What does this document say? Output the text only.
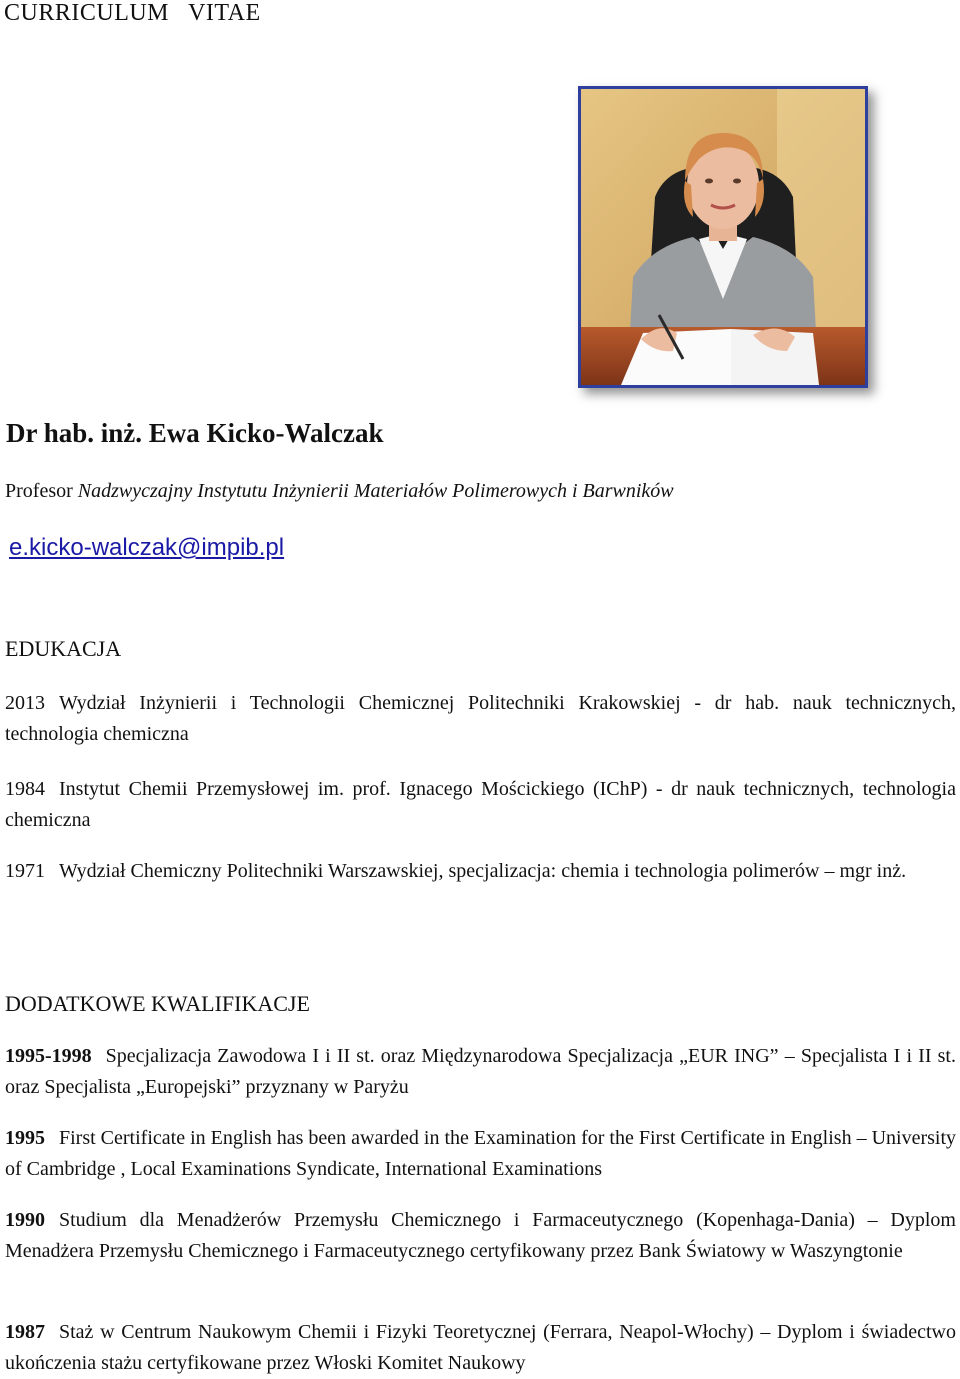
CURRICULUM   VITAE
Dr hab. inż. Ewa Kicko-Walczak
Profesor Nadzwyczajny Instytutu Inżynierii Materiałów Polimerowych i Barwników
e.kicko-walczak@impib.pl
EDUKACJA
2013 Wydział Inżynierii i Technologii Chemicznej Politechniki Krakowskiej - dr hab. nauk technicznych, technologia chemiczna
1984 Instytut Chemii Przemysłowej im. prof. Ignacego Mościckiego (IChP) - dr nauk technicznych, technologia chemiczna
1971 Wydział Chemiczny Politechniki Warszawskiej, specjalizacja: chemia i technologia polimerów – mgr inż.
DODATKOWE KWALIFIKACJE
1995-1998 Specjalizacja Zawodowa I i II st. oraz Międzynarodowa Specjalizacja „EUR ING” – Specjalista I i II st. oraz Specjalista „Europejski” przyznany w Paryżu
1995 First Certificate in English has been awarded in the Examination for the First Certificate in English – University of Cambridge , Local Examinations Syndicate, International Examinations
1990 Studium dla Menadżerów Przemysłu Chemicznego i Farmaceutycznego (Kopenhaga-Dania) – Dyplom Menadżera Przemysłu Chemicznego i Farmaceutycznego certyfikowany przez Bank Światowy w Waszyngtonie
1987 Staż w Centrum Naukowym Chemii i Fizyki Teoretycznej (Ferrara, Neapol-Włochy) – Dyplom i świadectwo ukończenia stażu certyfikowane przez Włoski Komitet Naukowy
